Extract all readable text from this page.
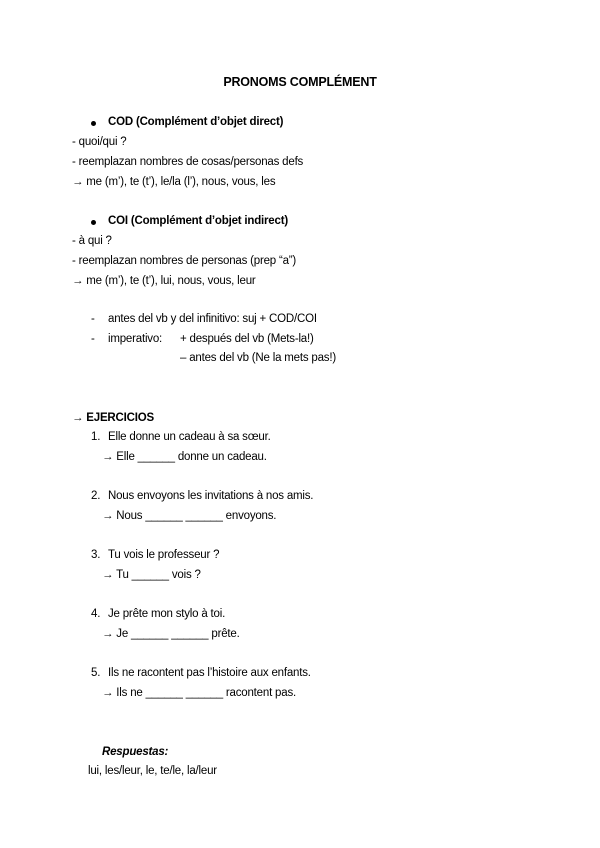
PRONOMS COMPLÉMENT
COD (Complément d’objet direct)
- quoi/qui ?
- reemplazan nombres de cosas/personas defs
→ me (m’), te (t’), le/la (l’), nous, vous, les
COI (Complément d’objet indirect)
- à qui ?
- reemplazan nombres de personas (prep “a”)
→ me (m’), te (t’), lui, nous, vous, leur
- antes del vb y del infinitivo: suj + COD/COI
- imperativo: + después del vb (Mets-la!)
– antes del vb (Ne la mets pas!)
→ EJERCICIOS
1. Elle donne un cadeau à sa sœur.
→ Elle ______ donne un cadeau.
2. Nous envoyons les invitations à nos amis.
→ Nous ______ ______ envoyons.
3. Tu vois le professeur ?
→ Tu ______ vois ?
4. Je prête mon stylo à toi.
→ Je ______ ______ prête.
5. Ils ne racontent pas l’histoire aux enfants.
→ Ils ne ______ ______ racontent pas.
Respuestas:
lui, les/leur, le, te/le, la/leur
